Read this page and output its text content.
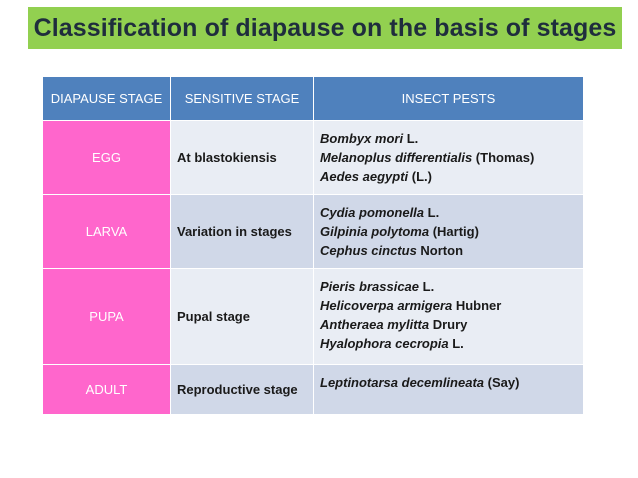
Classification of diapause on the basis of stages
DIAPAUSE STAGE	SENSITIVE STAGE	INSECT PESTS
EGG	At blastokiensis	Bombyx mori L.
Melanoplus differentialis (Thomas)
Aedes aegypti (L.)

LARVA	Variation in stages	Cydia pomonella L.
Gilpinia polytoma (Hartig)
Cephus cinctus Norton

PUPA	Pupal stage	Pieris brassicae L.
Helicoverpa armigera Hubner
Antheraea mylitta Drury
Hyalophora cecropia L.

ADULT	Reproductive stage	Leptinotarsa decemlineata (Say)
